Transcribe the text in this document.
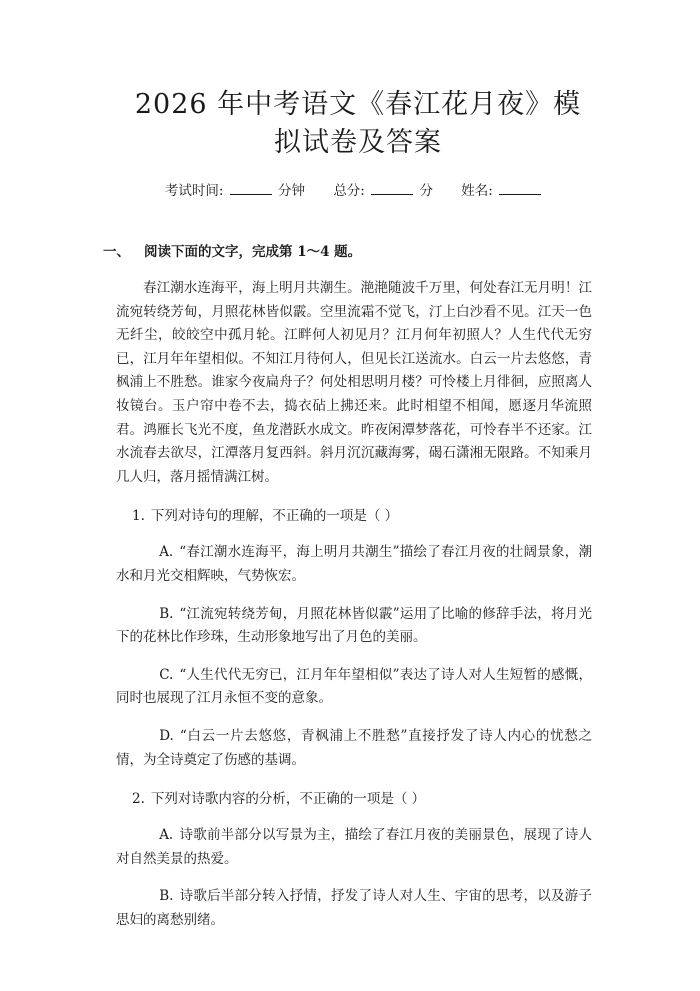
2026 年中考语文《春江花月夜》模拟试卷及答案
考试时间:	分钟 总分:	分 姓名:
一、 阅读下面的文字，完成第 1～4 题。

春江潮水连海平，海上明月共潮生。滟滟随波千万里，何处春江无月明！江流宛转绕芳甸，月照花林皆似霰。空里流霜不觉飞，汀上白沙看不见。江天一色无纤尘，皎皎空中孤月轮。江畔何人初见月？江月何年初照人？人生代代无穷已，江月年年望相似。不知江月待何人，但见长江送流水。白云一片去悠悠，青枫浦上不胜愁。谁家今夜扁舟子？何处相思明月楼？可怜楼上月徘徊，应照离人妆镜台。玉户帘中卷不去，捣衣砧上拂还来。此时相望不相闻，愿逐月华流照君。鸿雁长飞光不度，鱼龙潜跃水成文。昨夜闲潭梦落花，可怜春半不还家。江水流春去欲尽，江潭落月复西斜。斜月沉沉藏海雾，碣石潇湘无限路。不知乘月几人归，落月摇情满江树。

1. 下列对诗句的理解，不正确的一项是（ ）
A. “春江潮水连海平，海上明月共潮生”描绘了春江月夜的壮阔景象，潮水和月光交相辉映，气势恢宏。
B. “江流宛转绕芳甸，月照花林皆似霰”运用了比喻的修辞手法，将月光下的花林比作珍珠，生动形象地写出了月色的美丽。
C. “人生代代无穷已，江月年年望相似”表达了诗人对人生短暂的感慨，同时也展现了江月永恒不变的意象。
D. “白云一片去悠悠，青枫浦上不胜愁”直接抒发了诗人内心的忧愁之情，为全诗奠定了伤感的基调。
2. 下列对诗歌内容的分析，不正确的一项是（ ）
A. 诗歌前半部分以写景为主，描绘了春江月夜的美丽景色，展现了诗人对自然美景的热爱。
B. 诗歌后半部分转入抒情，抒发了诗人对人生、宇宙的思考，以及游子思妇的离愁别绪。
